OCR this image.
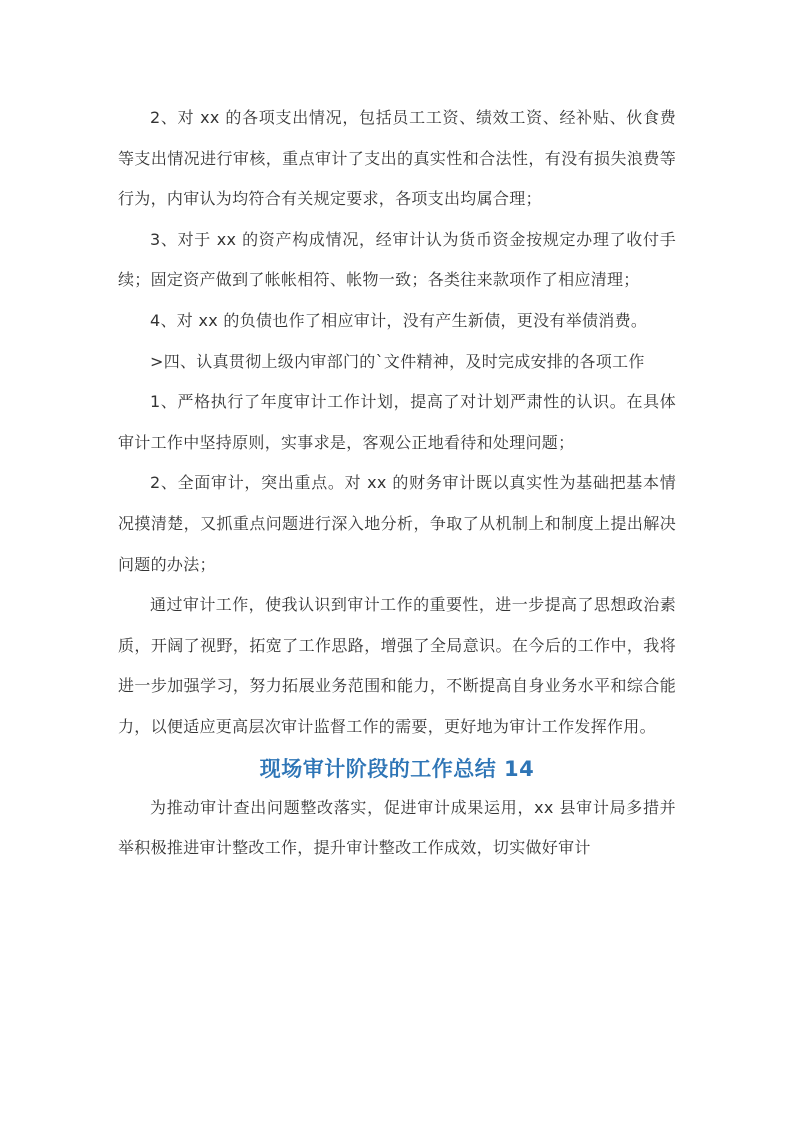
2、对 xx 的各项支出情况，包括员工工资、绩效工资、经补贴、伙食费等支出情况进行审核，重点审计了支出的真实性和合法性，有没有损失浪费等行为，内审认为均符合有关规定要求，各项支出均属合理；

3、对于 xx 的资产构成情况，经审计认为货币资金按规定办理了收付手续；固定资产做到了帐帐相符、帐物一致；各类往来款项作了相应清理；

4、对 xx 的负债也作了相应审计，没有产生新债，更没有举债消费。

>四、认真贯彻上级内审部门的`文件精神，及时完成安排的各项工作

1、严格执行了年度审计工作计划，提高了对计划严肃性的认识。在具体审计工作中坚持原则，实事求是，客观公正地看待和处理问题；

2、全面审计，突出重点。对 xx 的财务审计既以真实性为基础把基本情况摸清楚，又抓重点问题进行深入地分析，争取了从机制上和制度上提出解决问题的办法；

通过审计工作，使我认识到审计工作的重要性，进一步提高了思想政治素质，开阔了视野，拓宽了工作思路，增强了全局意识。在今后的工作中，我将进一步加强学习，努力拓展业务范围和能力，不断提高自身业务水平和综合能力，以便适应更高层次审计监督工作的需要，更好地为审计工作发挥作用。

现场审计阶段的工作总结 14

为推动审计查出问题整改落实，促进审计成果运用，xx 县审计局多措并举积极推进审计整改工作，提升审计整改工作成效，切实做好审计
